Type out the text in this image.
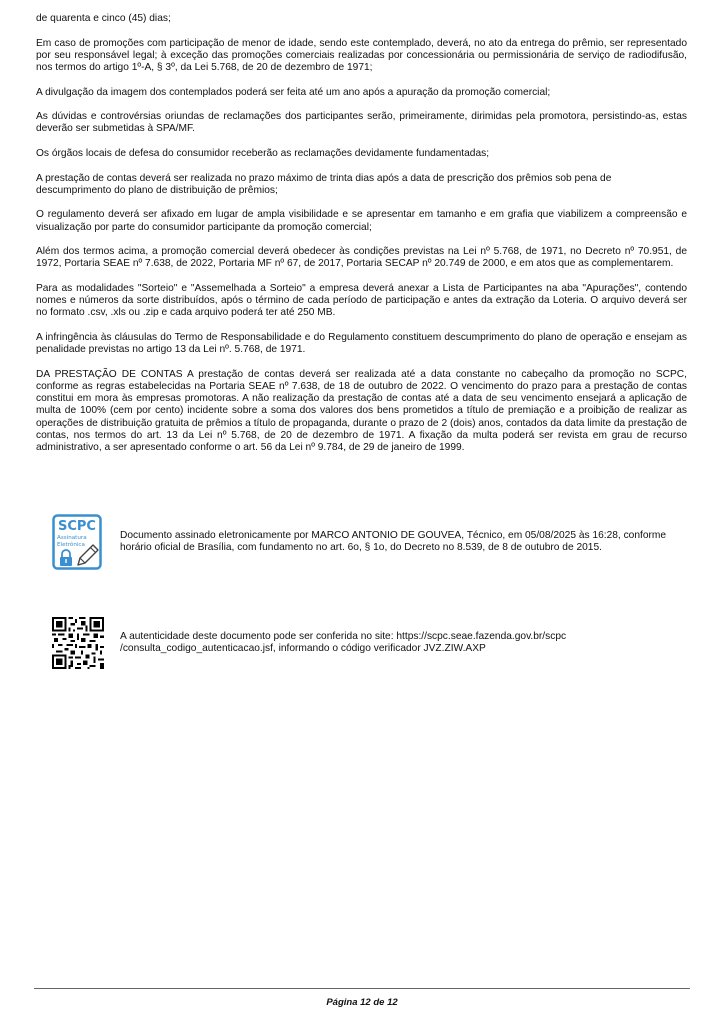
de quarenta e cinco (45) dias;

Em caso de promoções com participação de menor de idade, sendo este contemplado, deverá, no ato da entrega do prêmio, ser representado por seu responsável legal; à exceção das promoções comerciais realizadas por concessionária ou permissionária de serviço de radiodifusão, nos termos do artigo 1º-A, § 3º, da Lei 5.768, de 20 de dezembro de 1971;

A divulgação da imagem dos contemplados poderá ser feita até um ano após a apuração da promoção comercial;

As dúvidas e controvérsias oriundas de reclamações dos participantes serão, primeiramente, dirimidas pela promotora, persistindo-as, estas deverão ser submetidas à SPA/MF.

Os órgãos locais de defesa do consumidor receberão as reclamações devidamente fundamentadas;

A prestação de contas deverá ser realizada no prazo máximo de trinta dias após a data de prescrição dos prêmios sob pena de descumprimento do plano de distribuição de prêmios;

O regulamento deverá ser afixado em lugar de ampla visibilidade e se apresentar em tamanho e em grafia que viabilizem a compreensão e visualização por parte do consumidor participante da promoção comercial;

Além dos termos acima, a promoção comercial deverá obedecer às condições previstas na Lei nº 5.768, de 1971, no Decreto nº 70.951, de 1972, Portaria SEAE nº 7.638, de 2022, Portaria MF nº 67, de 2017, Portaria SECAP nº 20.749 de 2000, e em atos que as complementarem.

Para as modalidades "Sorteio" e "Assemelhada a Sorteio" a empresa deverá anexar a Lista de Participantes na aba "Apurações", contendo nomes e números da sorte distribuídos, após o término de cada período de participação e antes da extração da Loteria. O arquivo deverá ser no formato .csv, .xls ou .zip e cada arquivo poderá ter até 250 MB.

A infringência às cláusulas do Termo de Responsabilidade e do Regulamento constituem descumprimento do plano de operação e ensejam as penalidade previstas no artigo 13 da Lei nº. 5.768, de 1971.

DA PRESTAÇÃO DE CONTAS A prestação de contas deverá ser realizada até a data constante no cabeçalho da promoção no SCPC, conforme as regras estabelecidas na Portaria SEAE nº 7.638, de 18 de outubro de 2022. O vencimento do prazo para a prestação de contas constitui em mora às empresas promotoras. A não realização da prestação de contas até a data de seu vencimento ensejará a aplicação de multa de 100% (cem por cento) incidente sobre a soma dos valores dos bens prometidos a título de premiação e a proibição de realizar as operações de distribuição gratuita de prêmios a título de propaganda, durante o prazo de 2 (dois) anos, contados da data limite da prestação de contas, nos termos do art. 13 da Lei nº 5.768, de 20 de dezembro de 1971. A fixação da multa poderá ser revista em grau de recurso administrativo, a ser apresentado conforme o art. 56 da Lei nº 9.784, de 29 de janeiro de 1999.

SCPC
Assinatura
Eletrônica
Documento assinado eletronicamente por MARCO ANTONIO DE GOUVEA, Técnico, em 05/08/2025 às 16:28, conforme
horário oficial de Brasília, com fundamento no art. 6o, § 1o, do Decreto no 8.539, de 8 de outubro de 2015.
A autenticidade deste documento pode ser conferida no site: https://scpc.seae.fazenda.gov.br/scpc
/consulta_codigo_autenticacao.jsf, informando o código verificador JVZ.ZIW.AXP
Página 12 de 12
